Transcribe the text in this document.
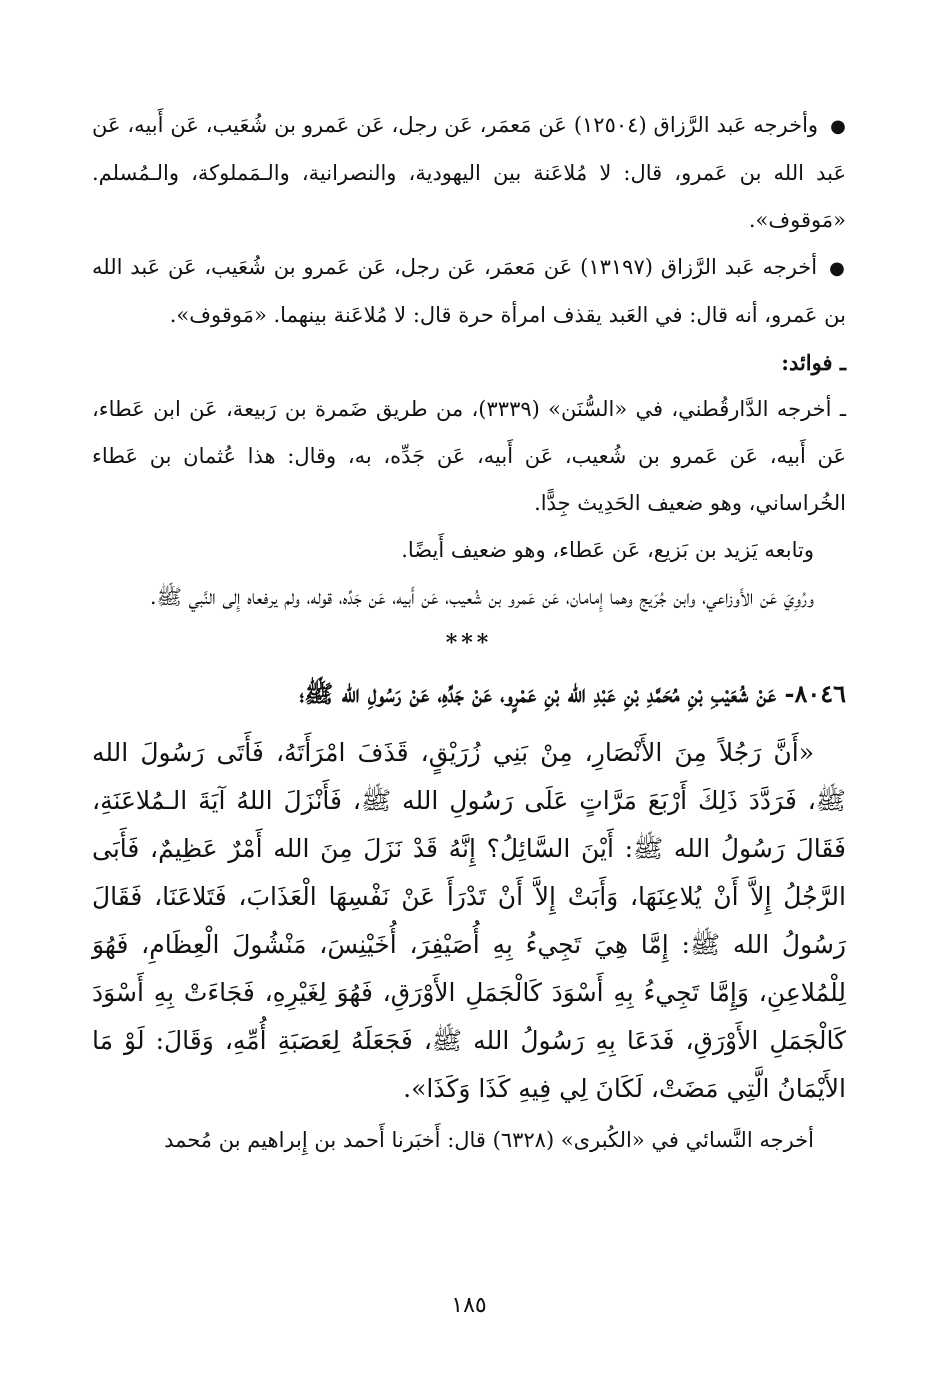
● وأخرجه عَبد الرَّزاق (١٢٥٠٤) عَن مَعمَر، عَن رجل، عَن عَمرو بن شُعَيب، عَن أَبيه، عَن عَبد الله بن عَمرو، قال: لا مُلاعَنة بين اليهودية، والنصرانية، والـمَملوكة، والـمُسلم. «مَوقوف».

● أخرجه عَبد الرَّزاق (١٣١٩٧) عَن مَعمَر، عَن رجل، عَن عَمرو بن شُعَيب، عَن عَبد الله بن عَمرو، أنه قال: في العَبد يقذف امرأة حرة قال: لا مُلاعَنة بينهما. «مَوقوف».

ـ فوائد:

ـ أخرجه الدَّارقُطني، في «السُّنَن» (٣٣٣٩)، من طريق ضَمرة بن رَبيعة، عَن ابن عَطاء، عَن أَبيه، عَن عَمرو بن شُعيب، عَن أَبيه، عَن جَدِّه، به، وقال: هذا عُثمان بن عَطاء الخُراساني، وهو ضعيف الحَدِيث جِدًّا.

وتابعه يَزيد بن بَزيع، عَن عَطاء، وهو ضعيف أَيضًا.

ورُوِيَ عَن الأَوزاعي، وابن جُرَيج وهما إِمامان، عَن عَمرو بن شُعيب، عَن أَبيه، عَن جَدِّه، قوله، ولم يرفعاه إِلى النَّبي ﷺ.

***

٨٠٤٦- عَنْ شُعَيْبِ بْنِ مُحَمَّدِ بْنِ عَبْدِ الله بْنِ عَمْرٍو، عَنْ جَدِّهِ، عَنْ رَسُولِ الله ﷺ؛

«أَنَّ رَجُلاً مِنَ الأَنْصَارِ، مِنْ بَنِي زُرَيْقٍ، قَذَفَ امْرَأَتَهُ، فَأَتَى رَسُولَ الله ﷺ، فَرَدَّدَ ذَلِكَ أَرْبَعَ مَرَّاتٍ عَلَى رَسُولِ الله ﷺ، فَأَنْزَلَ اللهُ آيَةَ الـمُلاعَنَةِ، فَقَالَ رَسُولُ الله ﷺ: أَيْنَ السَّائِلُ؟ إِنَّهُ قَدْ نَزَلَ مِنَ الله أَمْرٌ عَظِيمٌ، فَأَبَى الرَّجُلُ إِلاَّ أَنْ يُلاعِنَهَا، وَأَبَتْ إِلاَّ أَنْ تَدْرَأَ عَنْ نَفْسِهَا الْعَذَابَ، فَتَلاعَنَا، فَقَالَ رَسُولُ الله ﷺ: إِمَّا هِيَ تَجِيءُ بِهِ أُصَيْفِرَ، أُخَيْنِسَ، مَنْشُولَ الْعِظَامِ، فَهُوَ لِلْمُلاعِنِ، وَإِمَّا تَجِيءُ بِهِ أَسْوَدَ كَالْجَمَلِ الأَوْرَقِ، فَهُوَ لِغَيْرِهِ، فَجَاءَتْ بِهِ أَسْوَدَ كَالْجَمَلِ الأَوْرَقِ، فَدَعَا بِهِ رَسُولُ الله ﷺ، فَجَعَلَهُ لِعَصَبَةِ أُمِّهِ، وَقَالَ: لَوْ مَا الأَيْمَانُ الَّتِي مَضَتْ، لَكَانَ لِي فِيهِ كَذَا وَكَذَا».

أخرجه النَّسائي في «الكُبرى» (٦٣٢٨) قال: أَخبَرنا أَحمد بن إِبراهيم بن مُحمد

١٨٥
